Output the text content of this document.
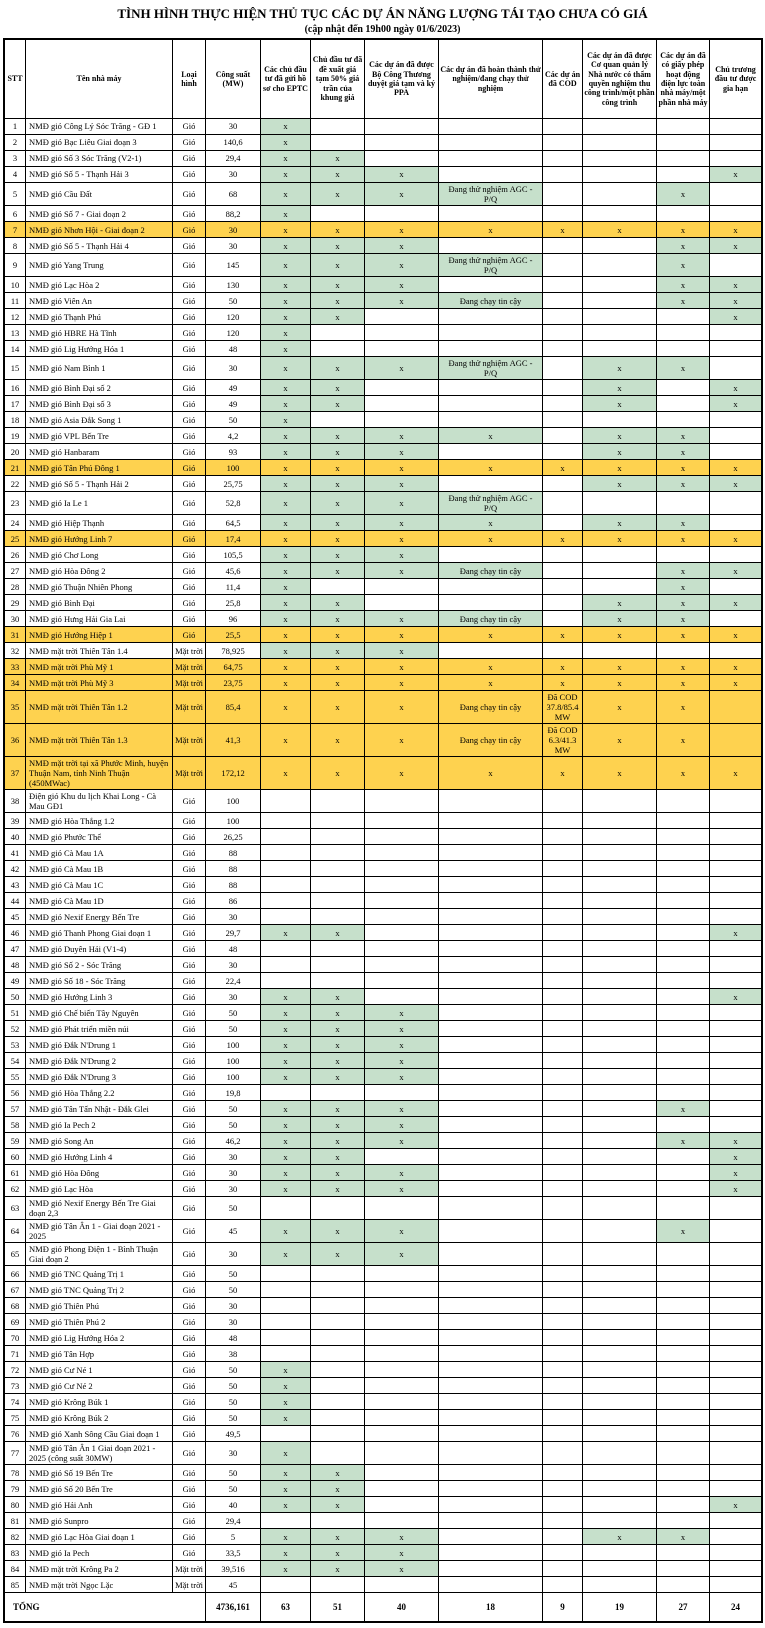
TÌNH HÌNH THỰC HIỆN THỦ TỤC CÁC DỰ ÁN NĂNG LƯỢNG TÁI TẠO CHƯA CÓ GIÁ
(cập nhật đến 19h00 ngày 01/6/2023)
STT	Tên nhà máy	Loại hình	Công suất (MW)	Các chủ đầu tư đã gửi hồ sơ cho EPTC	Chủ đầu tư đã đề xuất giá tạm 50% giá trần của khung giá	Các dự án đã được Bộ Công Thương duyệt giá tạm và ký PPA	Các dự án đã hoàn thành thử nghiệm/đang chạy thử nghiệm	Các dự án đã COD	Các dự án đã được Cơ quan quản lý Nhà nước có thẩm quyền nghiệm thu công trình/một phần công trình	Các dự án đã có giấy phép hoạt động điện lực toàn nhà máy/một phần nhà máy	Chủ trương đầu tư được gia hạn
1	NMĐ gió Công Lý Sóc Trăng - GĐ 1	Gió	30	x							
2	NMĐ gió Bạc Liêu Giai đoạn 3	Gió	140,6	x							
3	NMĐ gió Số 3 Sóc Trăng (V2-1)	Gió	29,4	x	x						
4	NMĐ gió Số 5 - Thạnh Hải 3	Gió	30	x	x	x					x
5	NMĐ gió Cầu Đất	Gió	68	x	x	x	Đang thử nghiệm AGC - P/Q			x	
6	NMĐ gió Số 7 - Giai đoạn 2	Gió	88,2	x							
7	NMĐ gió Nhơn Hội - Giai đoạn 2	Gió	30	x	x	x	x	x	x	x	x
8	NMĐ gió Số 5 - Thạnh Hải 4	Gió	30	x	x	x				x	x
9	NMĐ gió Yang Trung	Gió	145	x	x	x	Đang thử nghiệm AGC - P/Q			x	
10	NMĐ gió Lạc Hòa 2	Gió	130	x	x	x				x	x
11	NMĐ gió Viên An	Gió	50	x	x	x	Đang chạy tin cậy			x	x
12	NMĐ gió Thạnh Phú	Gió	120	x	x						x
13	NMĐ gió HBRE Hà Tĩnh	Gió	120	x							
14	NMĐ gió Lig Hướng Hóa 1	Gió	48	x							
15	NMĐ gió Nam Bình 1	Gió	30	x	x	x	Đang thử nghiệm AGC - P/Q		x	x	
16	NMĐ gió Bình Đại số 2	Gió	49	x	x				x		x
17	NMĐ gió Bình Đại số 3	Gió	49	x	x				x		x
18	NMĐ gió Asia Đắk Song 1	Gió	50	x							
19	NMĐ gió VPL Bến Tre	Gió	4,2	x	x	x	x		x	x	
20	NMĐ gió Hanbaram	Gió	93	x	x	x			x	x	
21	NMĐ gió Tân Phú Đông 1	Gió	100	x	x	x	x	x	x	x	x
22	NMĐ gió Số 5 - Thạnh Hải 2	Gió	25,75	x	x	x			x	x	x
23	NMĐ gió Ia Le 1	Gió	52,8	x	x	x	Đang thử nghiệm AGC - P/Q				
24	NMĐ gió Hiệp Thạnh	Gió	64,5	x	x	x	x		x	x	
25	NMĐ gió Hướng Linh 7	Gió	17,4	x	x	x	x	x	x	x	x
26	NMĐ gió Chơ Long	Gió	105,5	x	x	x					
27	NMĐ gió Hòa Đông 2	Gió	45,6	x	x	x	Đang chạy tin cậy			x	x
28	NMĐ gió Thuận Nhiên Phong	Gió	11,4	x						x	
29	NMĐ gió Bình Đại	Gió	25,8	x	x				x	x	x
30	NMĐ gió Hưng Hải Gia Lai	Gió	96	x	x	x	Đang chạy tin cậy		x	x	
31	NMĐ gió Hướng Hiệp 1	Gió	25,5	x	x	x	x	x	x	x	x
32	NMĐ mặt trời Thiên Tân 1.4	Mặt trời	78,925	x	x	x					
33	NMĐ mặt trời Phù Mỹ 1	Mặt trời	64,75	x	x	x	x	x	x	x	x
34	NMĐ mặt trời Phù Mỹ 3	Mặt trời	23,75	x	x	x	x	x	x	x	x
35	NMĐ mặt trời Thiên Tân 1.2	Mặt trời	85,4	x	x	x	Đang chạy tin cậy	Đã COD 37.8/85.4MW	x	x	
36	NMĐ mặt trời Thiên Tân 1.3	Mặt trời	41,3	x	x	x	Đang chạy tin cậy	Đã COD 6.3/41.3MW	x	x	
37	NMĐ mặt trời tại xã Phước Minh, huyện Thuận Nam, tỉnh Ninh Thuận (450MWac)	Mặt trời	172,12	x	x	x	x	x	x	x	x
38	Điện gió Khu du lịch Khai Long - Cà Mau GĐ1	Gió	100								
39	NMĐ gió Hòa Thắng 1.2	Gió	100								
40	NMĐ gió Phước Thể	Gió	26,25								
41	NMĐ gió Cà Mau 1A	Gió	88								
42	NMĐ gió Cà Mau 1B	Gió	88								
43	NMĐ gió Cà Mau 1C	Gió	88								
44	NMĐ gió Cà Mau 1D	Gió	86								
45	NMĐ gió Nexif Energy Bến Tre	Gió	30								
46	NMĐ gió Thanh Phong Giai đoạn 1	Gió	29,7	x	x						x
47	NMĐ gió Duyên Hải (V1-4)	Gió	48								
48	NMĐ gió Số 2 - Sóc Trăng	Gió	30								
49	NMĐ gió Số 18 - Sóc Trăng	Gió	22,4								
50	NMĐ gió Hướng Linh 3	Gió	30	x	x						x
51	NMĐ gió Chế biến Tây Nguyên	Gió	50	x	x	x					
52	NMĐ gió Phát triển miền núi	Gió	50	x	x	x					
53	NMĐ gió Đắk N'Drung 1	Gió	100	x	x	x					
54	NMĐ gió Đắk N'Drung 2	Gió	100	x	x	x					
55	NMĐ gió Đắk N'Drung 3	Gió	100	x	x	x					
56	NMĐ gió Hòa Thắng 2.2	Gió	19,8								
57	NMĐ gió Tân Tấn Nhật - Đắk Glei	Gió	50	x	x	x				x	
58	NMĐ gió Ia Pech 2	Gió	50	x	x	x					
59	NMĐ gió Song An	Gió	46,2	x	x	x				x	x
60	NMĐ gió Hướng Linh 4	Gió	30	x	x						x
61	NMĐ gió Hòa Đông	Gió	30	x	x	x					x
62	NMĐ gió Lạc Hòa	Gió	30	x	x	x					x
63	NMĐ gió Nexif Energy Bến Tre Giai đoạn 2,3	Gió	50								
64	NMĐ gió Tân Ân 1 - Giai đoạn 2021 - 2025	Gió	45	x	x	x				x	
65	NMĐ gió Phong Điện 1 - Bình Thuận Giai đoạn 2	Gió	30	x	x	x					
66	NMĐ gió TNC Quảng Trị 1	Gió	50								
67	NMĐ gió TNC Quảng Trị 2	Gió	50								
68	NMĐ gió Thiên Phú	Gió	30								
69	NMĐ gió Thiên Phú 2	Gió	30								
70	NMĐ gió Lig Hướng Hóa 2	Gió	48								
71	NMĐ gió Tân Hợp	Gió	38								
72	NMĐ gió Cư Né 1	Gió	50	x							
73	NMĐ gió Cư Né 2	Gió	50	x							
74	NMĐ gió Krông Búk 1	Gió	50	x							
75	NMĐ gió Krông Búk 2	Gió	50	x							
76	NMĐ gió Xanh Sông Cầu Giai đoạn 1	Gió	49,5								
77	NMĐ gió Tân Ân 1 Giai đoạn 2021 - 2025 (công suất 30MW)	Gió	30	x							
78	NMĐ gió Số 19 Bến Tre	Gió	50	x	x						
79	NMĐ gió Số 20 Bến Tre	Gió	50	x	x						
80	NMĐ gió Hải Anh	Gió	40	x	x						x
81	NMĐ gió Sunpro	Gió	29,4								
82	NMĐ gió Lạc Hòa Giai đoạn 1	Gió	5	x	x	x			x	x	
83	NMĐ gió Ia Pech	Gió	33,5	x	x	x					
84	NMĐ mặt trời Krông Pa 2	Mặt trời	39,516	x	x	x					
85	NMĐ mặt trời Ngọc Lặc	Mặt trời	45								
TỔNG			4736,161	63	51	40	18	9	19	27	24
